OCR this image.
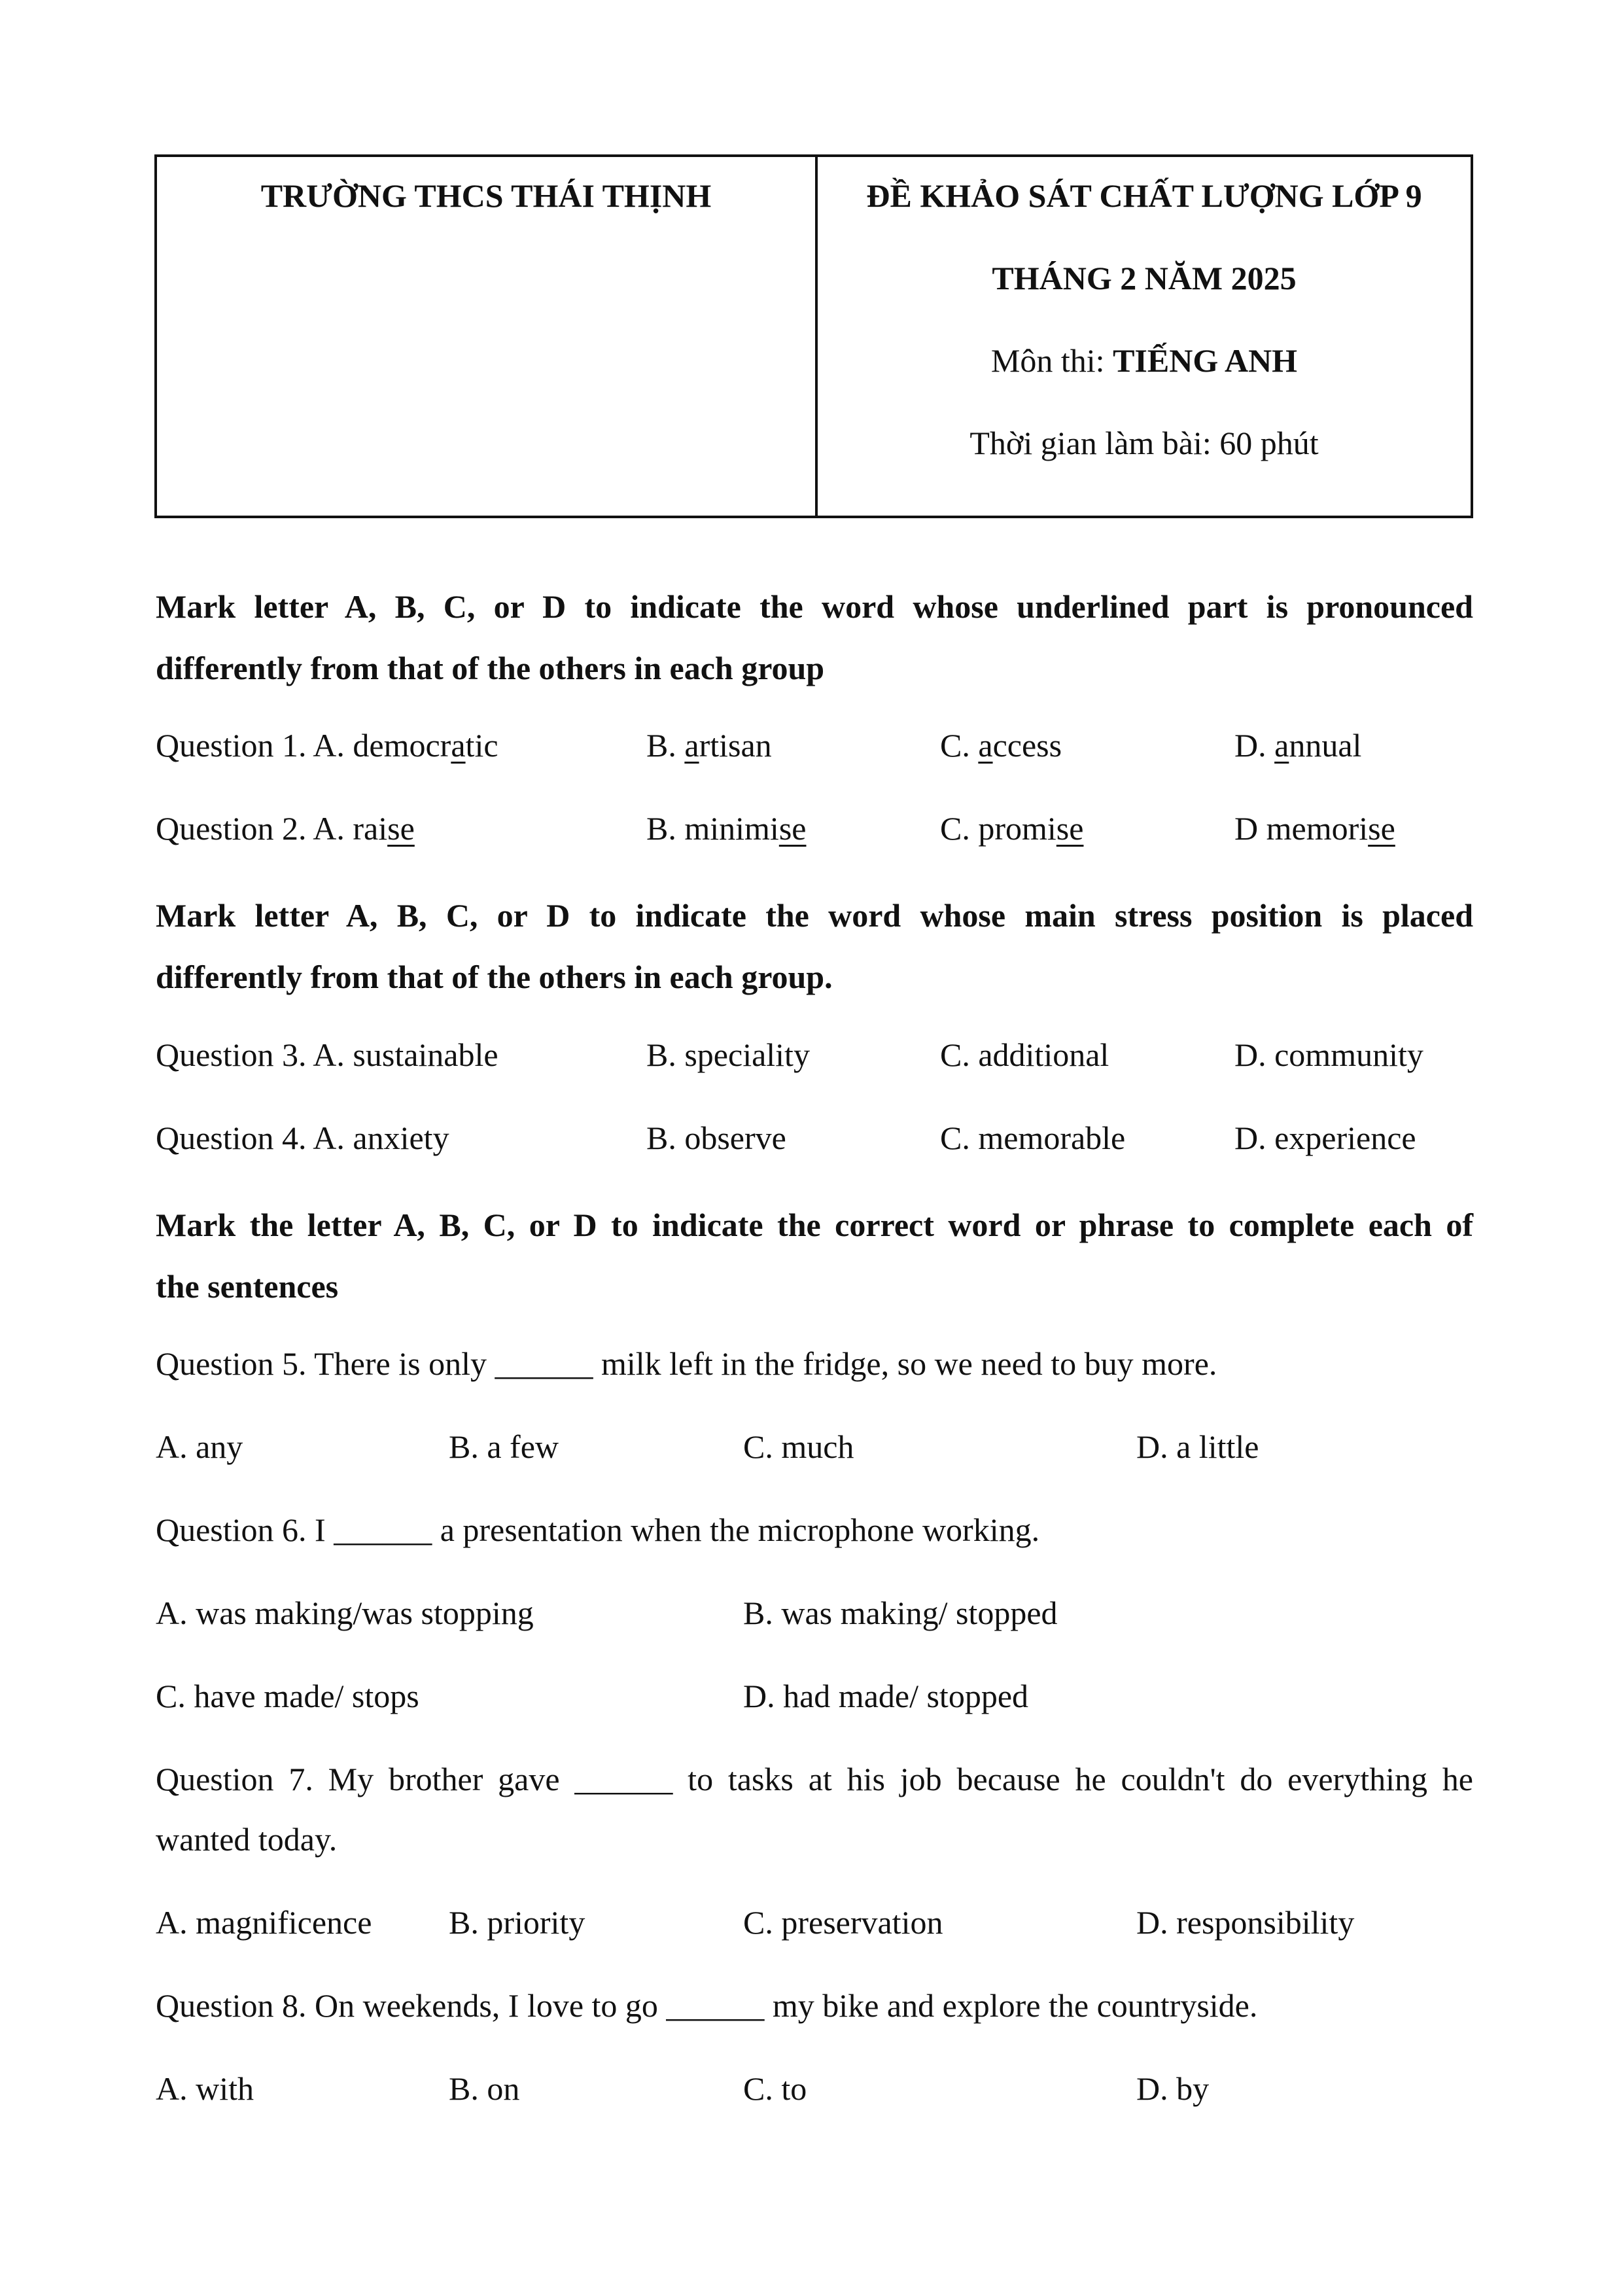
TRƯỜNG THCS THÁI THỊNH	ĐỀ KHẢO SÁT CHẤT LƯỢNG LỚP 9
THÁNG 2 NĂM 2025
Môn thi: TIẾNG ANH
Thời gian làm bài: 60 phút
Mark letter A, B, C, or D to indicate the word whose underlined part is pronounced
differently from that of the others in each group
Question 1. A. democratic	B. artisan	C. access	D. annual
Question 2. A. raise	B. minimise	C. promise	D memorise
Mark letter A, B, C, or D to indicate the word whose main stress position is placed
differently from that of the others in each group.
Question 3. A. sustainable	B. speciality	C. additional	D. community
Question 4. A. anxiety	B. observe	C. memorable	D. experience
Mark the letter A, B, C, or D to indicate the correct word or phrase to complete each of
the sentences
Question 5. There is only ______ milk left in the fridge, so we need to buy more.
A. any	B. a few	C. much	D. a little
Question 6. I ______ a presentation when the microphone working.
A. was making/was stopping	B. was making/ stopped
C. have made/ stops	D. had made/ stopped
Question 7. My brother gave ______ to tasks at his job because he couldn't do everything he
wanted today.
A. magnificence B. priority	C. preservation	D. responsibility
Question 8. On weekends, I love to go ______ my bike and explore the countryside.
A. with	B. on	C. to	D. by
